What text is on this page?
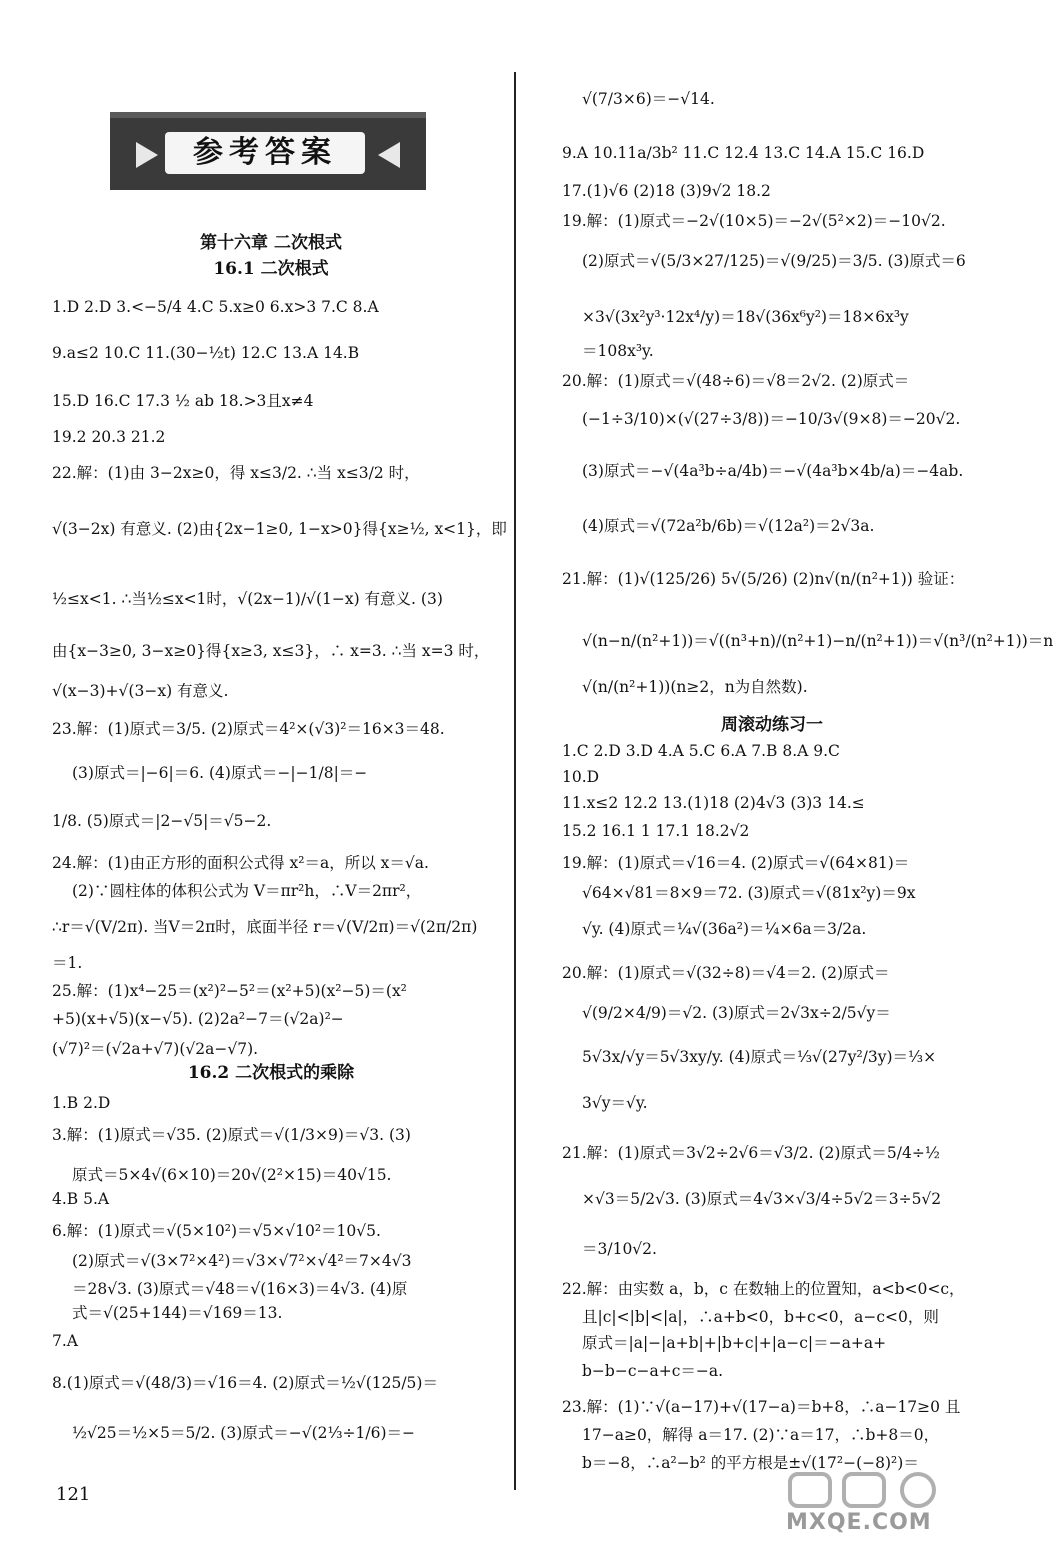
参考答案
第十六章 二次根式
16.1 二次根式
1.D 2.D 3.<−5/4 4.C 5.x≥0 6.x>3 7.C 8.A
9.a≤2 10.C 11.(30−½t) 12.C 13.A 14.B
15.D 16.C 17.3 ½ ab 18.>3且x≠4
19.2 20.3 21.2
22.解：(1)由 3−2x≥0，得 x≤3/2. ∴当 x≤3/2 时，
√(3−2x) 有意义. (2)由{2x−1≥0, 1−x>0}得{x≥½, x<1}，即
½≤x<1. ∴当½≤x<1时，√(2x−1)/√(1−x) 有意义. (3)
由{x−3≥0, 3−x≥0}得{x≥3, x≤3}，∴ x=3. ∴当 x=3 时，
√(x−3)+√(3−x) 有意义.
23.解：(1)原式＝3/5. (2)原式＝4²×(√3)²＝16×3＝48.
(3)原式＝|−6|＝6. (4)原式＝−|−1/8|＝−
1/8. (5)原式＝|2−√5|＝√5−2.
24.解：(1)由正方形的面积公式得 x²＝a，所以 x＝√a.
(2)∵圆柱体的体积公式为 V＝πr²h，∴V＝2πr²，
∴r＝√(V/2π). 当V＝2π时，底面半径 r＝√(V/2π)＝√(2π/2π)
＝1.
25.解：(1)x⁴−25＝(x²)²−5²＝(x²+5)(x²−5)＝(x²
+5)(x+√5)(x−√5). (2)2a²−7＝(√2a)²−
(√7)²＝(√2a+√7)(√2a−√7).
16.2 二次根式的乘除
1.B 2.D
3.解：(1)原式＝√35. (2)原式＝√(1/3×9)＝√3. (3)
原式＝5×4√(6×10)＝20√(2²×15)＝40√15.
4.B 5.A
6.解：(1)原式＝√(5×10²)＝√5×√10²＝10√5.
(2)原式＝√(3×7²×4²)＝√3×√7²×√4²＝7×4√3
＝28√3. (3)原式＝√48＝√(16×3)＝4√3. (4)原
式＝√(25+144)＝√169＝13.
7.A
8.(1)原式＝√(48/3)＝√16＝4. (2)原式＝½√(125/5)＝
½√25＝½×5＝5/2. (3)原式＝−√(2⅓÷1/6)＝−
√(7/3×6)＝−√14.
9.A 10.11a/3b² 11.C 12.4 13.C 14.A 15.C 16.D
17.(1)√6 (2)18 (3)9√2 18.2
19.解：(1)原式＝−2√(10×5)＝−2√(5²×2)＝−10√2.
(2)原式＝√(5/3×27/125)＝√(9/25)＝3/5. (3)原式＝6
×3√(3x²y³·12x⁴/y)＝18√(36x⁶y²)＝18×6x³y
＝108x³y.
20.解：(1)原式＝√(48÷6)＝√8＝2√2. (2)原式＝
(−1÷3/10)×(√(27÷3/8))＝−10/3√(9×8)＝−20√2.
(3)原式＝−√(4a³b÷a/4b)＝−√(4a³b×4b/a)＝−4ab.
(4)原式＝√(72a²b/6b)＝√(12a²)＝2√3a.
21.解：(1)√(125/26) 5√(5/26) (2)n√(n/(n²+1)) 验证：
√(n−n/(n²+1))＝√((n³+n)/(n²+1)−n/(n²+1))＝√(n³/(n²+1))＝n
√(n/(n²+1))(n≥2，n为自然数).
周滚动练习一
1.C 2.D 3.D 4.A 5.C 6.A 7.B 8.A 9.C
10.D
11.x≤2 12.2 13.(1)18 (2)4√3 (3)3 14.≤
15.2 16.1 1 17.1 18.2√2
19.解：(1)原式＝√16＝4. (2)原式＝√(64×81)＝
√64×√81＝8×9＝72. (3)原式＝√(81x²y)＝9x
√y. (4)原式＝¼√(36a²)＝¼×6a＝3/2a.
20.解：(1)原式＝√(32÷8)＝√4＝2. (2)原式＝
√(9/2×4/9)＝√2. (3)原式＝2√3x÷2/5√y＝
5√3x/√y＝5√3xy/y. (4)原式＝⅓√(27y²/3y)＝⅓×
3√y＝√y.
21.解：(1)原式＝3√2÷2√6＝√3/2. (2)原式＝5/4÷½
×√3＝5/2√3. (3)原式＝4√3×√3/4÷5√2＝3÷5√2
＝3/10√2.
22.解：由实数 a，b，c 在数轴上的位置知，a<b<0<c，
且|c|<|b|<|a|，∴a+b<0，b+c<0，a−c<0，则
原式＝|a|−|a+b|+|b+c|+|a−c|＝−a+a+
b−b−c−a+c＝−a.
23.解：(1)∵√(a−17)+√(17−a)＝b+8，∴a−17≥0 且
17−a≥0，解得 a＝17. (2)∵a＝17，∴b+8＝0，
b＝−8，∴a²−b² 的平方根是±√(17²−(−8)²)＝
121
MXQE.COM
